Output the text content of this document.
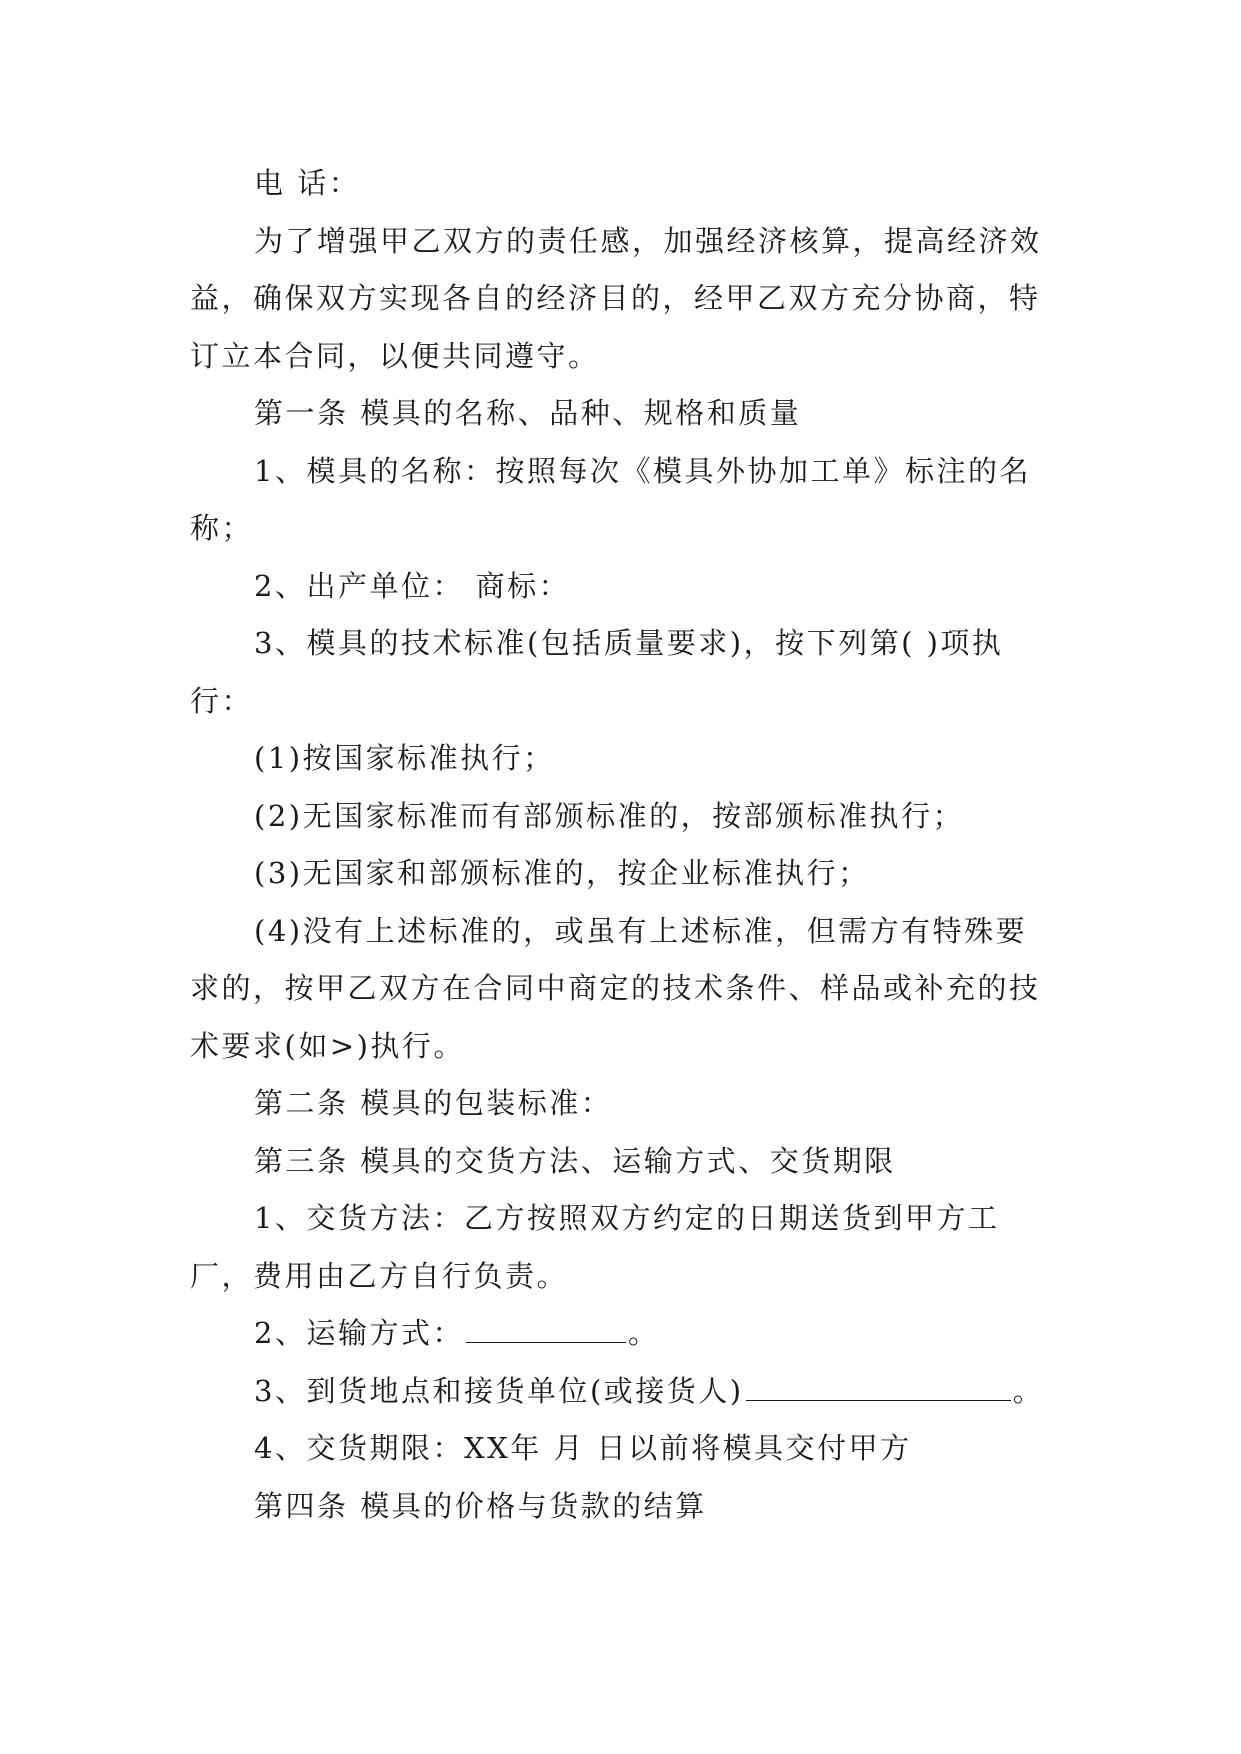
电 话：

为了增强甲乙双方的责任感，加强经济核算，提高经济效益，确保双方实现各自的经济目的，经甲乙双方充分协商，特订立本合同，以便共同遵守。

第一条 模具的名称、品种、规格和质量

1、模具的名称：按照每次《模具外协加工单》标注的名称；

2、出产单位： 商标：

3、模具的技术标准(包括质量要求)，按下列第( )项执行：

(1)按国家标准执行；

(2)无国家标准而有部颁标准的，按部颁标准执行；

(3)无国家和部颁标准的，按企业标准执行；

(4)没有上述标准的，或虽有上述标准，但需方有特殊要求的，按甲乙双方在合同中商定的技术条件、样品或补充的技术要求(如>)执行。

第二条 模具的包装标准：

第三条 模具的交货方法、运输方式、交货期限

1、交货方法：乙方按照双方约定的日期送货到甲方工厂，费用由乙方自行负责。

2、运输方式：	。

3、到货地点和接货单位(或接货人)	。

4、交货期限：XX年 月 日以前将模具交付甲方

第四条 模具的价格与货款的结算
